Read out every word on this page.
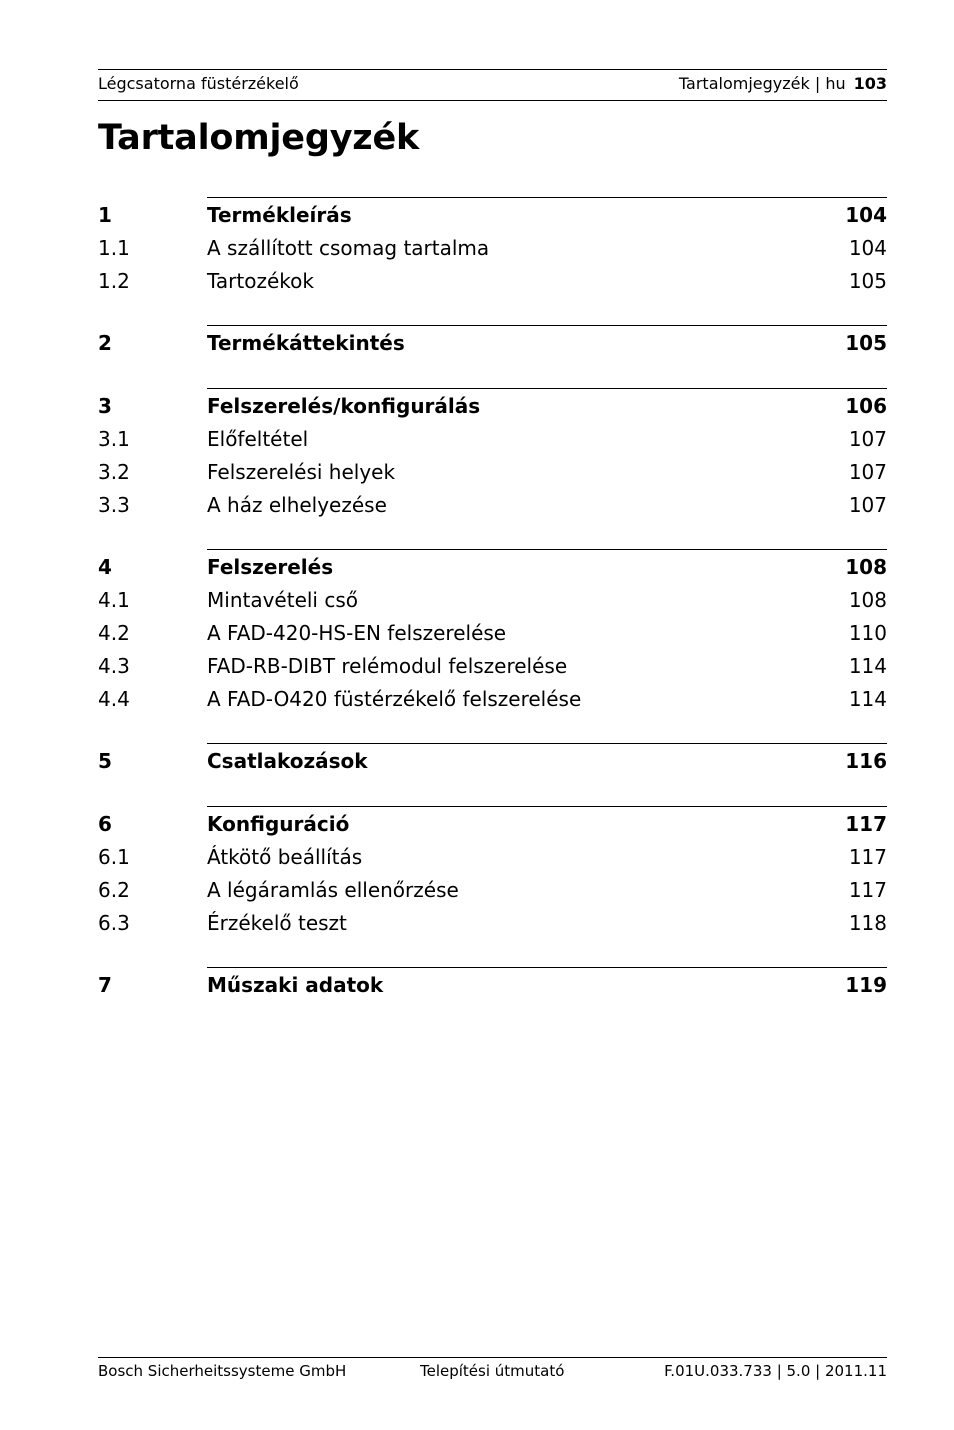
Légcsatorna füstérzékelő	Tartalomjegyzék | hu 103
Tartalomjegyzék
1	Termékleírás	104
1.1	A szállított csomag tartalma	104
1.2	Tartozékok	105
2	Termékáttekintés	105
3	Felszerelés/konfigurálás	106
3.1	Előfeltétel	107
3.2	Felszerelési helyek	107
3.3	A ház elhelyezése	107
4	Felszerelés	108
4.1	Mintavételi cső	108
4.2	A FAD-420-HS-EN felszerelése	110
4.3	FAD-RB-DIBT relémodul felszerelése	114
4.4	A FAD-O420 füstérzékelő felszerelése	114
5	Csatlakozások	116
6	Konfiguráció	117
6.1	Átkötő beállítás	117
6.2	A légáramlás ellenőrzése	117
6.3	Érzékelő teszt	118
7	Műszaki adatok	119
Bosch Sicherheitssysteme GmbH	Telepítési útmutató	F.01U.033.733 | 5.0 | 2011.11
